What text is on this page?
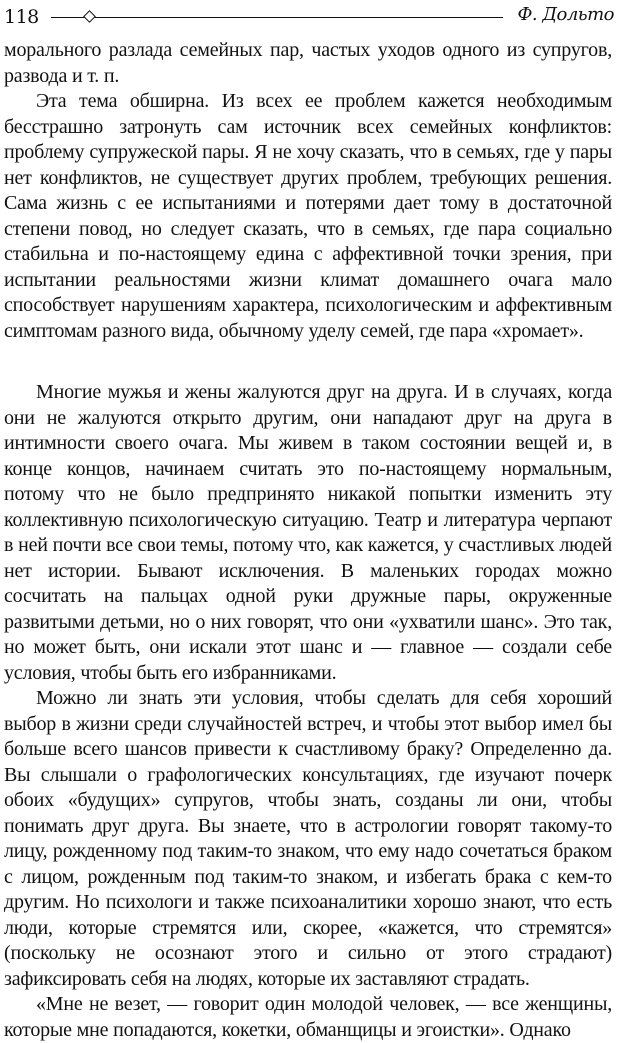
118	Ф. Дольто

морального разлада семейных пар, частых уходов одного из супругов, развода и т. п.

Эта тема обширна. Из всех ее проблем кажется необходимым бесстрашно затронуть сам источник всех семейных конфликтов: проблему супружеской пары. Я не хочу сказать, что в семьях, где у пары нет конфликтов, не существует других проблем, требующих решения. Сама жизнь с ее испытаниями и потерями дает тому в достаточной степени повод, но следует сказать, что в семьях, где пара социально стабильна и по-настоящему едина с аффективной точки зрения, при испытании реальностями жизни климат домашнего очага мало способствует нарушениям характера, психологическим и аффективным симптомам разного вида, обычному уделу семей, где пара «хромает».

Многие мужья и жены жалуются друг на друга. И в случаях, когда они не жалуются открыто другим, они нападают друг на друга в интимности своего очага. Мы живем в таком состоянии вещей и, в конце концов, начинаем считать это по-настоящему нормальным, потому что не было предпринято никакой попытки изменить эту коллективную психологическую ситуацию. Театр и литература черпают в ней почти все свои темы, потому что, как кажется, у счастливых людей нет истории. Бывают исключения. В маленьких городах можно сосчитать на пальцах одной руки дружные пары, окруженные развитыми детьми, но о них говорят, что они «ухватили шанс». Это так, но может быть, они искали этот шанс и — главное — создали себе условия, чтобы быть его избранниками.

Можно ли знать эти условия, чтобы сделать для себя хороший выбор в жизни среди случайностей встреч, и чтобы этот выбор имел бы больше всего шансов привести к счастливому браку? Определенно да. Вы слышали о графологических консультациях, где изучают почерк обоих «будущих» супругов, чтобы знать, созданы ли они, чтобы понимать друг друга. Вы знаете, что в астрологии говорят такому-то лицу, рожденному под таким-то знаком, что ему надо сочетаться браком с лицом, рожденным под таким-то знаком, и избегать брака с кем-то другим. Но психологи и также психоаналитики хорошо знают, что есть люди, которые стремятся или, скорее, «кажется, что стремятся» (поскольку не осознают этого и сильно от этого страдают) зафиксировать себя на людях, которые их заставляют страдать.

«Мне не везет, — говорит один молодой человек, — все женщины, которые мне попадаются, кокетки, обманщицы и эгоистки». Однако
